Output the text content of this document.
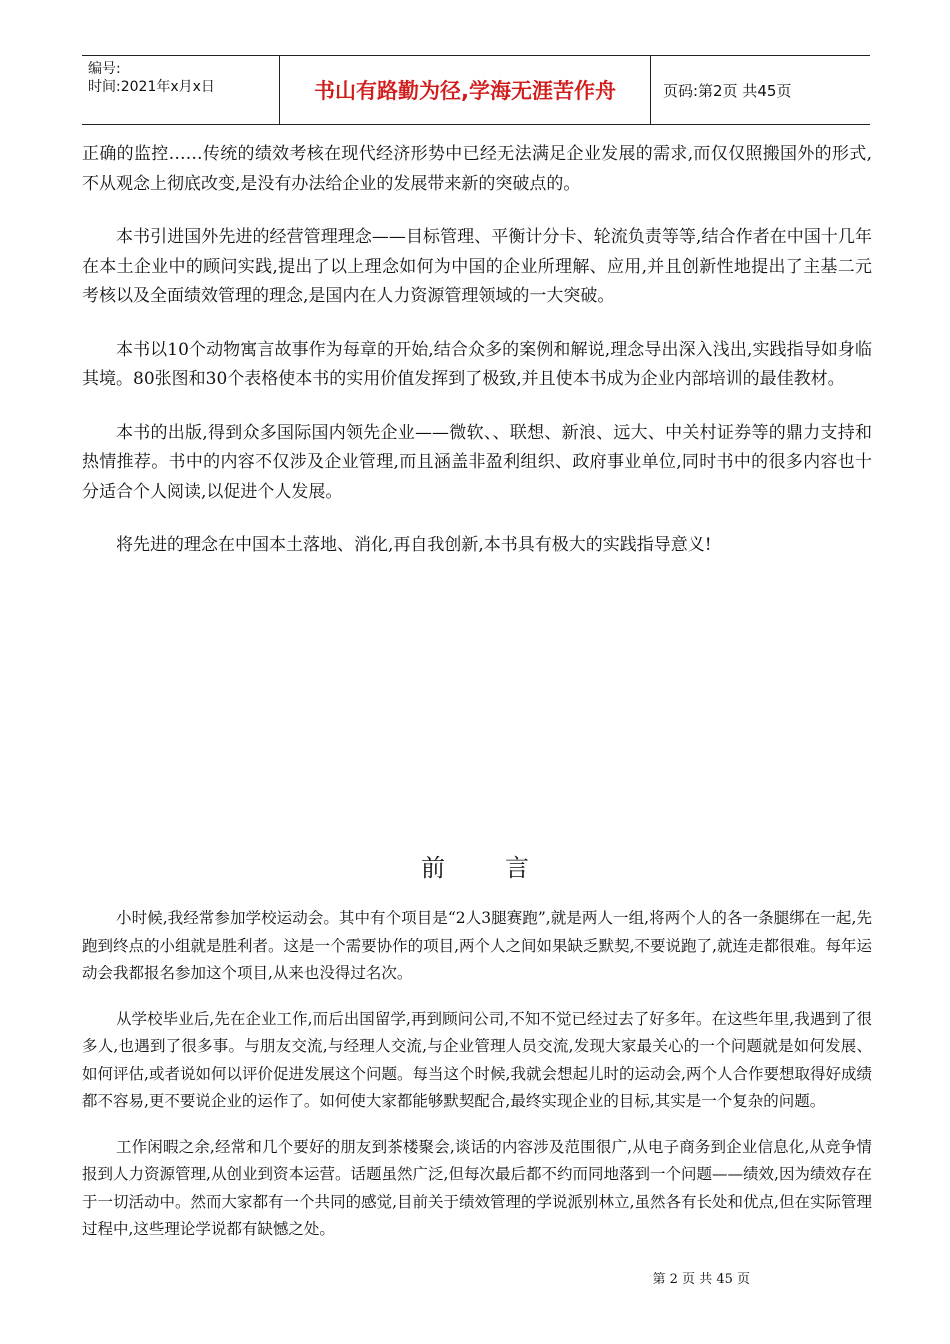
编号:
时间:2021年x月x日	书山有路勤为径,学海无涯苦作舟	页码:第2页 共45页

正确的监控……传统的绩效考核在现代经济形势中已经无法满足企业发展的需求,而仅仅照搬国外的形式,不从观念上彻底改变,是没有办法给企业的发展带来新的突破点的。

本书引进国外先进的经营管理理念——目标管理、平衡计分卡、轮流负责等等,结合作者在中国十几年在本土企业中的顾问实践,提出了以上理念如何为中国的企业所理解、应用,并且创新性地提出了主基二元考核以及全面绩效管理的理念,是国内在人力资源管理领域的一大突破。

本书以10个动物寓言故事作为每章的开始,结合众多的案例和解说,理念导出深入浅出,实践指导如身临其境。80张图和30个表格使本书的实用价值发挥到了极致,并且使本书成为企业内部培训的最佳教材。

本书的出版,得到众多国际国内领先企业——微软、、联想、新浪、远大、中关村证券等的鼎力支持和热情推荐。书中的内容不仅涉及企业管理,而且涵盖非盈利组织、政府事业单位,同时书中的很多内容也十分适合个人阅读,以促进个人发展。

将先进的理念在中国本土落地、消化,再自我创新,本书具有极大的实践指导意义!

前言

小时候,我经常参加学校运动会。其中有个项目是“2人3腿赛跑”,就是两人一组,将两个人的各一条腿绑在一起,先跑到终点的小组就是胜利者。这是一个需要协作的项目,两个人之间如果缺乏默契,不要说跑了,就连走都很难。每年运动会我都报名参加这个项目,从来也没得过名次。

从学校毕业后,先在企业工作,而后出国留学,再到顾问公司,不知不觉已经过去了好多年。在这些年里,我遇到了很多人,也遇到了很多事。与朋友交流,与经理人交流,与企业管理人员交流,发现大家最关心的一个问题就是如何发展、如何评估,或者说如何以评价促进发展这个问题。每当这个时候,我就会想起儿时的运动会,两个人合作要想取得好成绩都不容易,更不要说企业的运作了。如何使大家都能够默契配合,最终实现企业的目标,其实是一个复杂的问题。

工作闲暇之余,经常和几个要好的朋友到茶楼聚会,谈话的内容涉及范围很广,从电子商务到企业信息化,从竞争情报到人力资源管理,从创业到资本运营。话题虽然广泛,但每次最后都不约而同地落到一个问题——绩效,因为绩效存在于一切活动中。然而大家都有一个共同的感觉,目前关于绩效管理的学说派别林立,虽然各有长处和优点,但在实际管理过程中,这些理论学说都有缺憾之处。

第 2 页 共 45 页
